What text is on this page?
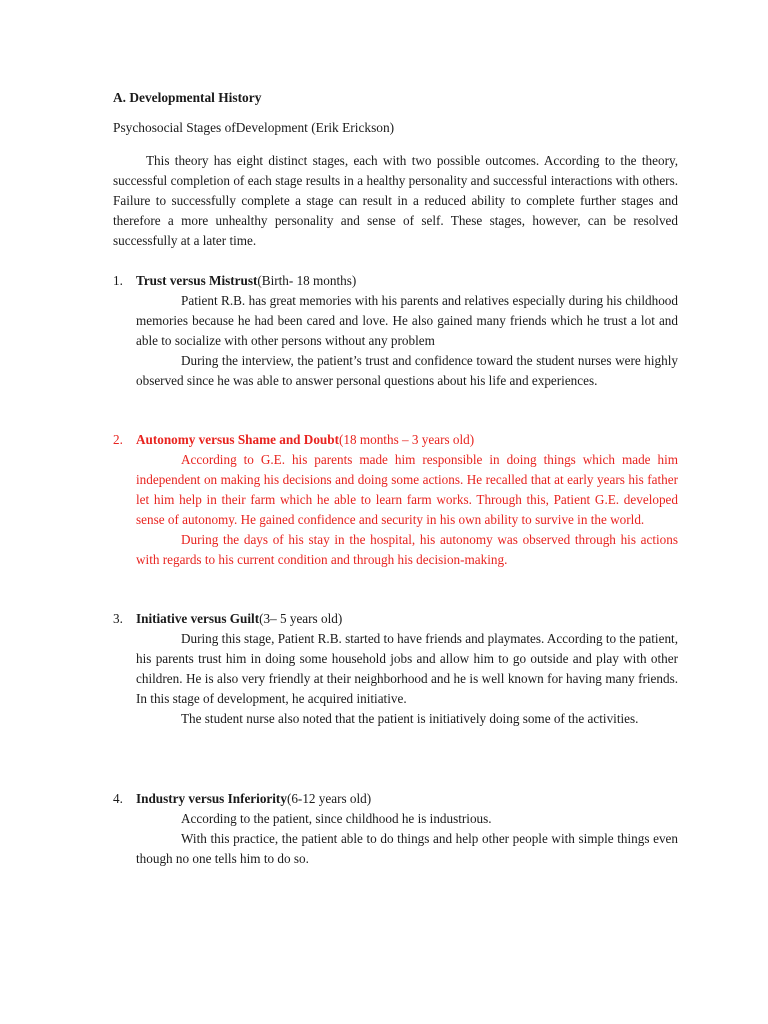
A. Developmental History

Psychosocial Stages ofDevelopment (Erik Erickson)

This theory has eight distinct stages, each with two possible outcomes. According to the theory, successful completion of each stage results in a healthy personality and successful interactions with others. Failure to successfully complete a stage can result in a reduced ability to complete further stages and therefore a more unhealthy personality and sense of self. These stages, however, can be resolved successfully at a later time.

1. Trust versus Mistrust(Birth- 18 months)

Patient R.B. has great memories with his parents and relatives especially during his childhood memories because he had been cared and love. He also gained many friends which he trust a lot and able to socialize with other persons without any problem

During the interview, the patient’s trust and confidence toward the student nurses were highly observed since he was able to answer personal questions about his life and experiences.

2. Autonomy versus Shame and Doubt(18 months – 3 years old)

According to G.E. his parents made him responsible in doing things which made him independent on making his decisions and doing some actions. He recalled that at early years his father let him help in their farm which he able to learn farm works. Through this, Patient G.E. developed sense of autonomy. He gained confidence and security in his own ability to survive in the world.

During the days of his stay in the hospital, his autonomy was observed through his actions with regards to his current condition and through his decision-making.

3. Initiative versus Guilt(3– 5 years old)

During this stage, Patient R.B. started to have friends and playmates. According to the patient, his parents trust him in doing some household jobs and allow him to go outside and play with other children. He is also very friendly at their neighborhood and he is well known for having many friends. In this stage of development, he acquired initiative.

The student nurse also noted that the patient is initiatively doing some of the activities.

4. Industry versus Inferiority(6-12 years old)

According to the patient, since childhood he is industrious.

With this practice, the patient able to do things and help other people with simple things even though no one tells him to do so.
